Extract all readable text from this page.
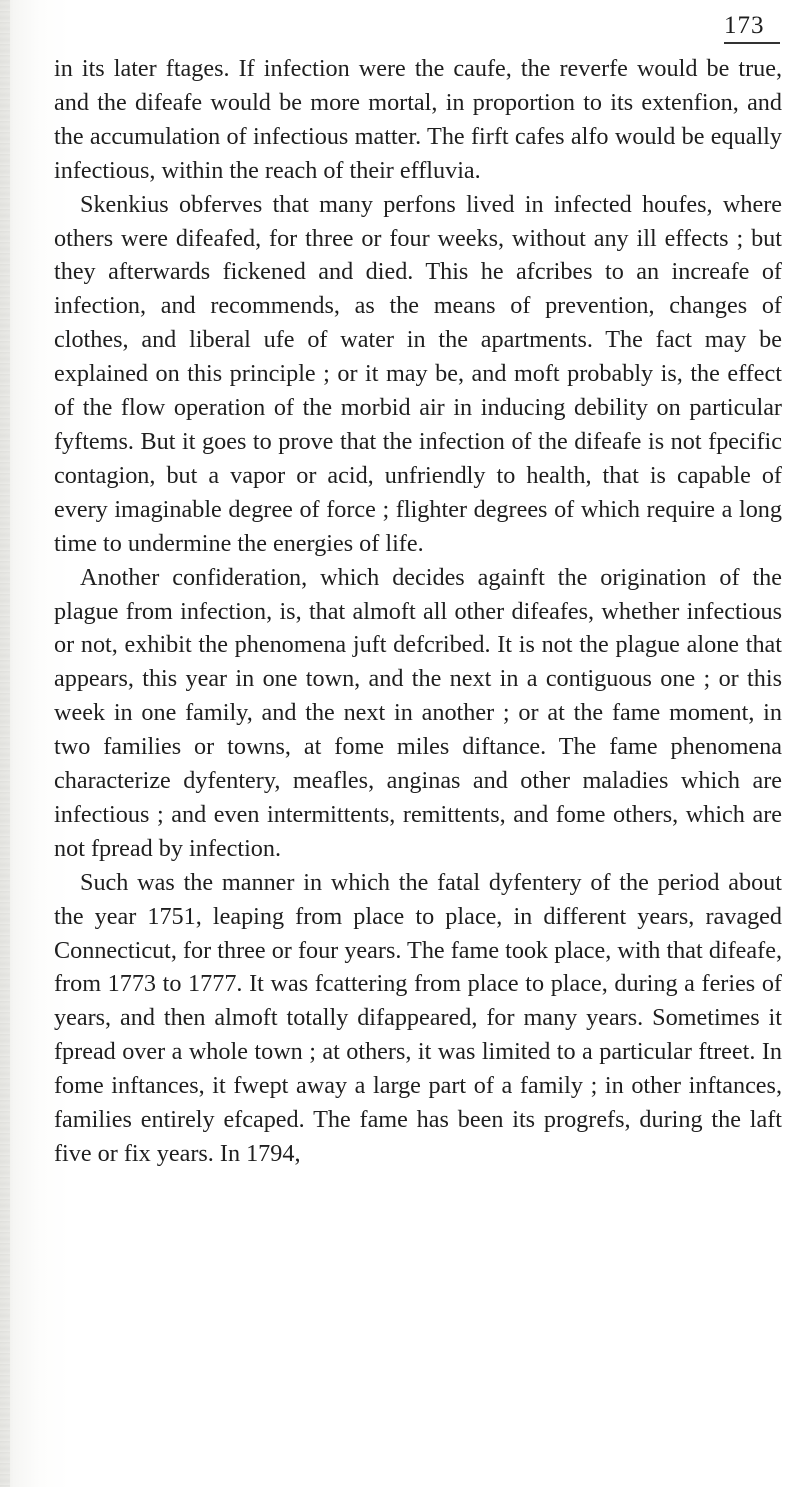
173

in its later ftages. If infection were the caufe, the reverfe would be true, and the difeafe would be more mortal, in proportion to its extenfion, and the accumulation of infectious matter. The firft cafes alfo would be equally infectious, within the reach of their effluvia.

Skenkius obferves that many perfons lived in infected houfes, where others were difeafed, for three or four weeks, without any ill effects ; but they afterwards fickened and died. This he afcribes to an increafe of infection, and recommends, as the means of prevention, changes of clothes, and liberal ufe of water in the apartments. The fact may be explained on this principle ; or it may be, and moft probably is, the effect of the flow operation of the morbid air in inducing debility on particular fyftems. But it goes to prove that the infection of the difeafe is not fpecific contagion, but a vapor or acid, unfriendly to health, that is capable of every imaginable degree of force ; flighter degrees of which require a long time to undermine the energies of life.

Another confideration, which decides againft the origination of the plague from infection, is, that almoft all other difeafes, whether infectious or not, exhibit the phenomena juft defcribed. It is not the plague alone that appears, this year in one town, and the next in a contiguous one ; or this week in one family, and the next in another ; or at the fame moment, in two families or towns, at fome miles diftance. The fame phenomena characterize dyfentery, meafles, anginas and other maladies which are infectious ; and even intermittents, remittents, and fome others, which are not fpread by infection.

Such was the manner in which the fatal dyfentery of the period about the year 1751, leaping from place to place, in different years, ravaged Connecticut, for three or four years. The fame took place, with that difeafe, from 1773 to 1777. It was fcattering from place to place, during a feries of years, and then almoft totally difappeared, for many years. Sometimes it fpread over a whole town ; at others, it was limited to a particular ftreet. In fome inftances, it fwept away a large part of a family ; in other inftances, families entirely efcaped. The fame has been its progrefs, during the laft five or fix years. In 1794,
